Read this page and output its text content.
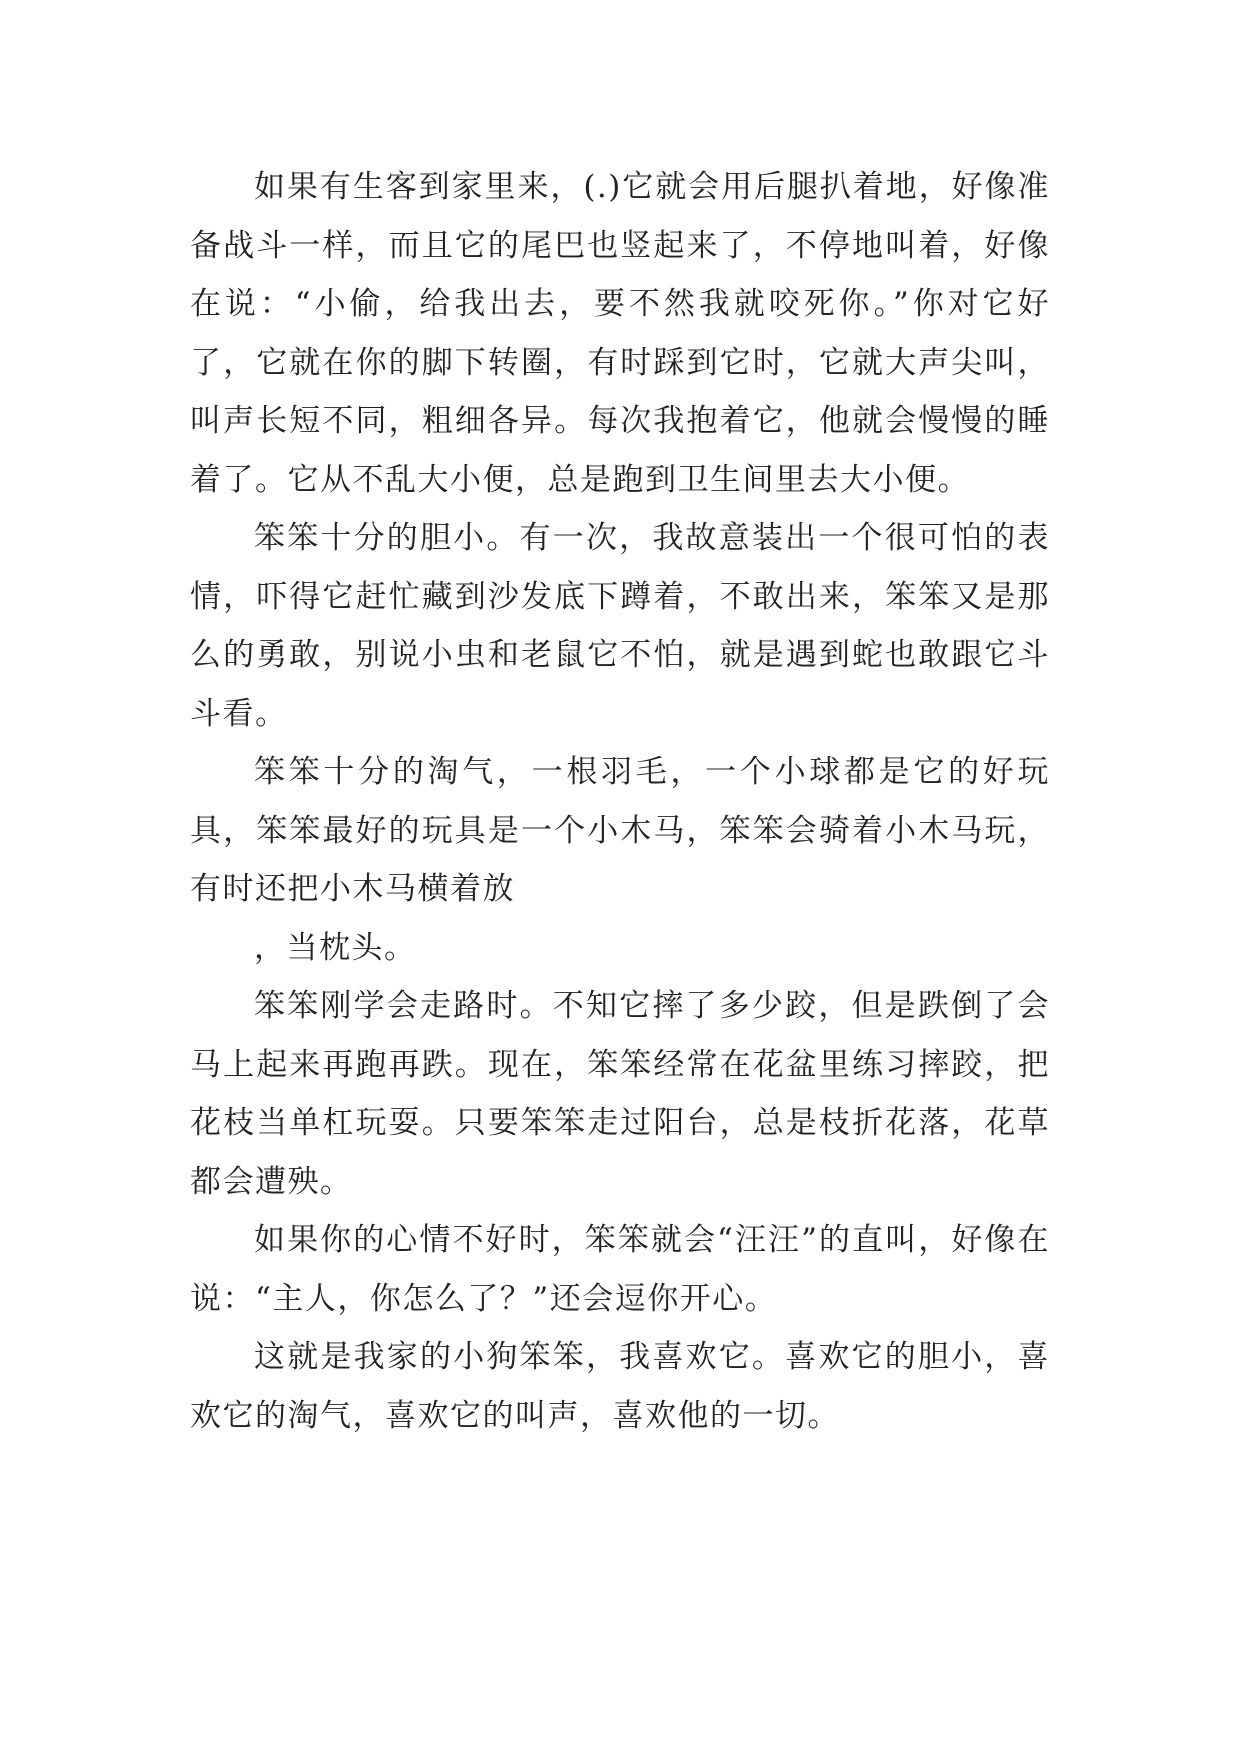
如果有生客到家里来，(.)它就会用后腿扒着地，好像准备战斗一样，而且它的尾巴也竖起来了，不停地叫着，好像在说：“小偷，给我出去，要不然我就咬死你。”你对它好了，它就在你的脚下转圈，有时踩到它时，它就大声尖叫，叫声长短不同，粗细各异。每次我抱着它，他就会慢慢的睡着了。它从不乱大小便，总是跑到卫生间里去大小便。

笨笨十分的胆小。有一次，我故意装出一个很可怕的表情，吓得它赶忙藏到沙发底下蹲着，不敢出来，笨笨又是那么的勇敢，别说小虫和老鼠它不怕，就是遇到蛇也敢跟它斗斗看。

笨笨十分的淘气，一根羽毛，一个小球都是它的好玩具，笨笨最好的玩具是一个小木马，笨笨会骑着小木马玩，有时还把小木马横着放

，当枕头。

笨笨刚学会走路时。不知它摔了多少跤，但是跌倒了会马上起来再跑再跌。现在，笨笨经常在花盆里练习摔跤，把花枝当单杠玩耍。只要笨笨走过阳台，总是枝折花落，花草都会遭殃。

如果你的心情不好时，笨笨就会“汪汪”的直叫，好像在说：“主人，你怎么了？”还会逗你开心。

这就是我家的小狗笨笨，我喜欢它。喜欢它的胆小，喜欢它的淘气，喜欢它的叫声，喜欢他的一切。
